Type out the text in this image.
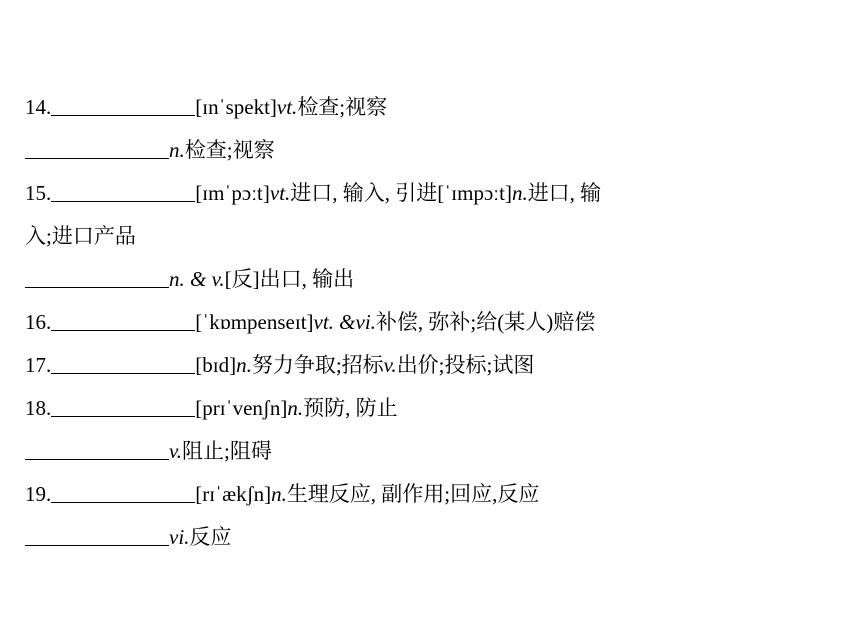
14.	[ɪnˈspekt]vt.检查;视察
n.检查;视察
15.	[ɪmˈpɔːt]vt.进口, 输入, 引进[ˈɪmpɔːt]n.进口, 输
入;进口产品
n. & v.[反]出口, 输出
16.	[ˈkɒmpenseɪt]vt. &vi.补偿, 弥补;给(某人)赔偿
17.	[bɪd]n.努力争取;招标v.出价;投标;试图
18.	[prɪˈvenʃn]n.预防, 防止
v.阻止;阻碍
19.	[rɪˈækʃn]n.生理反应, 副作用;回应,反应
vi.反应
